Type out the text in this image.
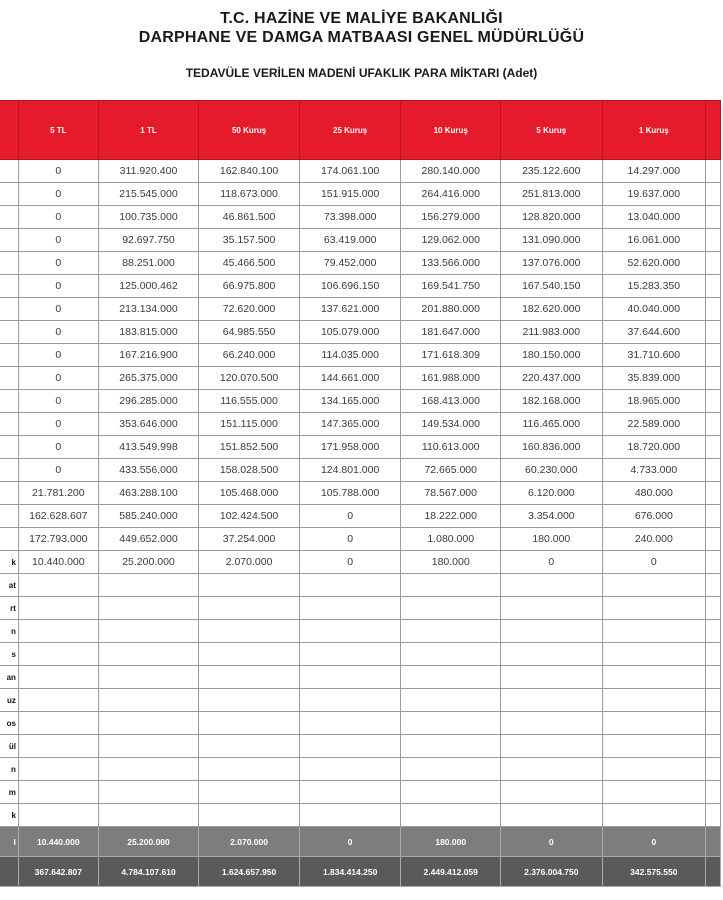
T.C. HAZİNE VE MALİYE BAKANLIĞI
DARPHANE VE DAMGA MATBAASI GENEL MÜDÜRLÜĞÜ
TEDAVÜLE VERİLEN MADENİ UFAKLIK PARA MİKTARI (Adet)
	5 TL	1 TL	50 Kuruş	25 Kuruş	10 Kuruş	5 Kuruş	1 Kuruş	
	0	311.920.400	162.840.100	174.061.100	280.140.000	235.122.600	14.297.000	
	0	215.545.000	118.673.000	151.915.000	264.416.000	251.813.000	19.637.000	
	0	100.735.000	46.861.500	73.398.000	156.279.000	128.820.000	13.040.000	
	0	92.697.750	35.157.500	63.419.000	129.062.000	131.090.000	16.061.000	
	0	88.251.000	45.466.500	79.452.000	133.566.000	137.076.000	52.620.000	
	0	125.000.462	66.975.800	106.696.150	169.541.750	167.540.150	15.283.350	
	0	213.134.000	72.620.000	137.621.000	201.880.000	182.620.000	40.040.000	
	0	183.815.000	64.985.550	105.079.000	181.647.000	211.983.000	37.644.600	
	0	167.216.900	66.240.000	114.035.000	171.618.309	180.150.000	31.710.600	
	0	265.375.000	120.070.500	144.661.000	161.988.000	220.437.000	35.839.000	
	0	296.285.000	116.555.000	134.165.000	168.413.000	182.168.000	18.965.000	
	0	353.646.000	151.115.000	147.365.000	149.534.000	116.465.000	22.589.000	
	0	413.549.998	151.852.500	171.958.000	110.613.000	160.836.000	18.720.000	
	0	433.556.000	158.028.500	124.801.000	72.665.000	60.230.000	4.733.000	
	21.781.200	463.288.100	105.468.000	105.788.000	78.567.000	6.120.000	480.000	
	162.628.607	585.240.000	102.424.500	0	18.222.000	3.354.000	676.000	
	172.793.000	449.652.000	37.254.000	0	1.080.000	180.000	240.000	
k	10.440.000	25.200.000	2.070.000	0	180.000	0	0	
at								
rt								
n								
s								
an								
uz								
os								
ül								
n								
m								
k								
I	10.440.000	25.200.000	2.070.000	0	180.000	0	0	
	367.642.807	4.784.107.610	1.624.657.950	1.834.414.250	2.449.412.059	2.376.004.750	342.575.550	
